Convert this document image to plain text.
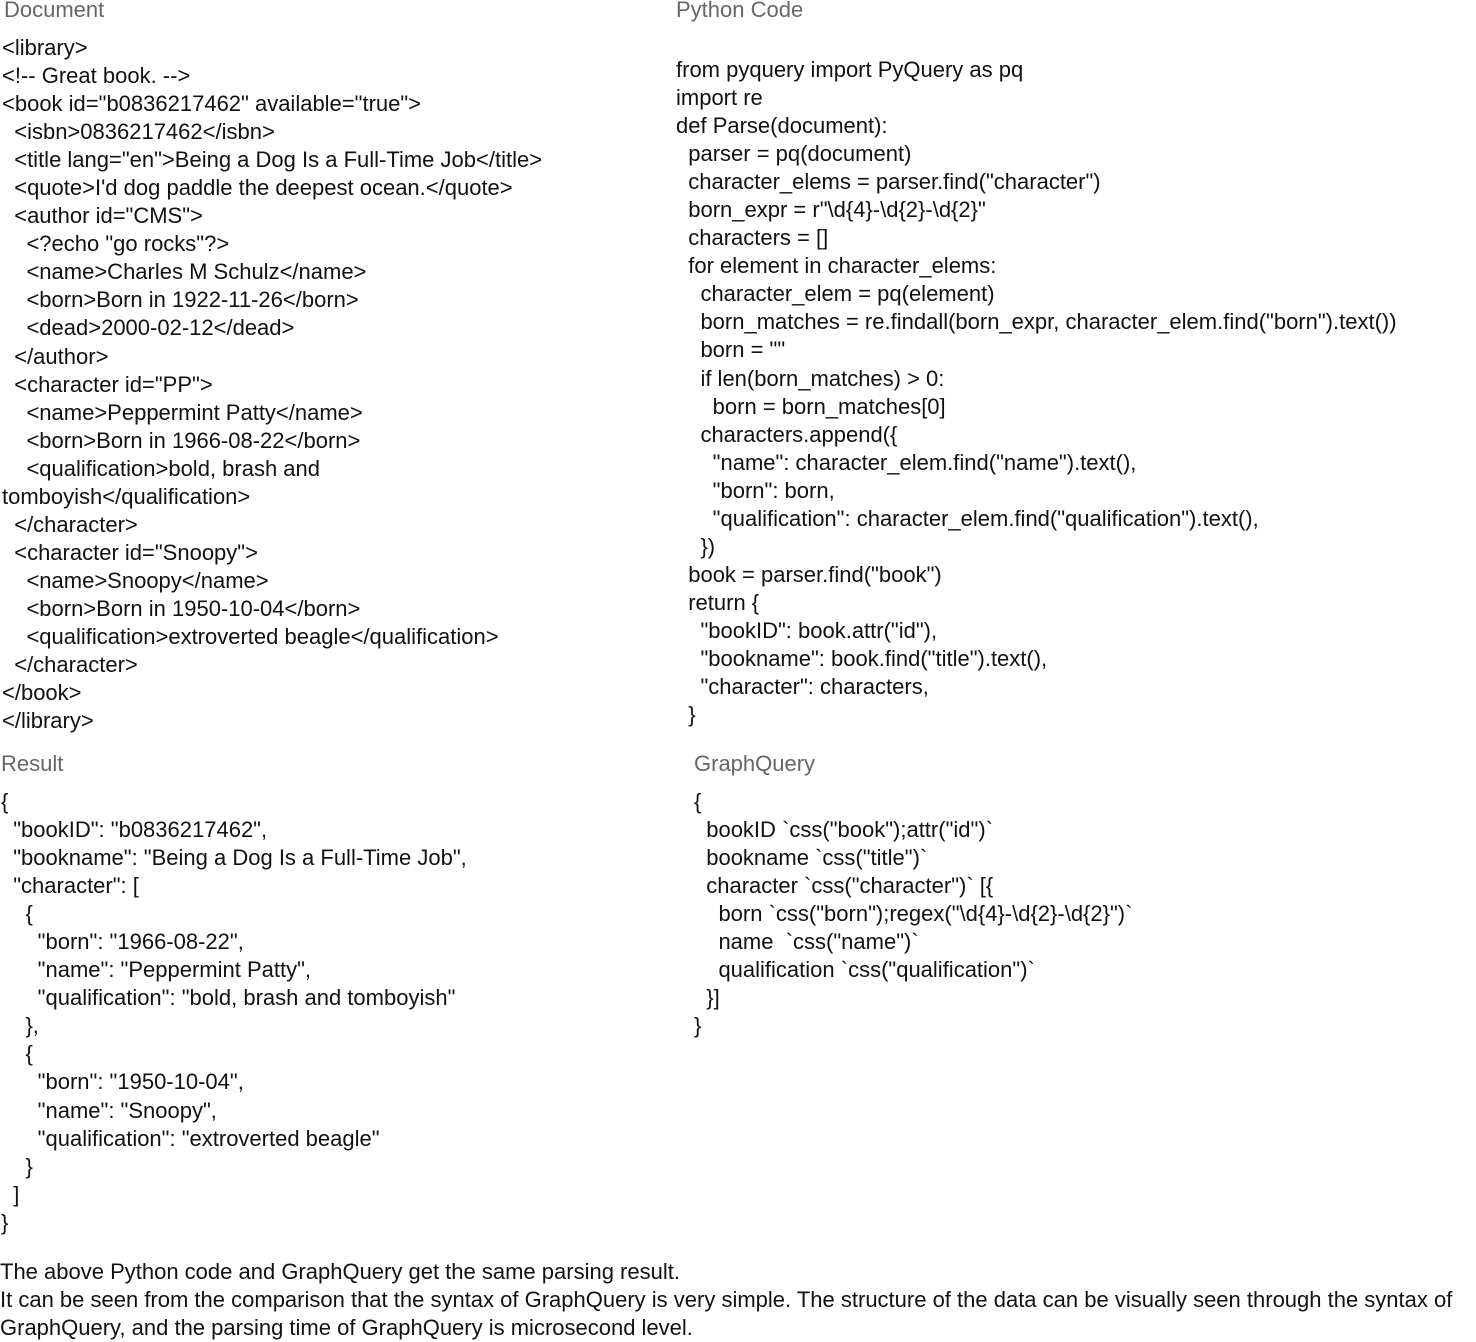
Document
<library>
<!-- Great book. -->
<book id="b0836217462" available="true">
<isbn>0836217462</isbn>
<title lang="en">Being a Dog Is a Full-Time Job</title>
<quote>I'd dog paddle the deepest ocean.</quote>
<author id="CMS">
<?echo "go rocks"?>
<name>Charles M Schulz</name>
<born>Born in 1922-11-26</born>
<dead>2000-02-12</dead>
</author>
<character id="PP">
<name>Peppermint Patty</name>
<born>Born in 1966-08-22</born>
<qualification>bold, brash and
tomboyish</qualification>
</character>
<character id="Snoopy">
<name>Snoopy</name>
<born>Born in 1950-10-04</born>
<qualification>extroverted beagle</qualification>
</character>
</book>
</library>
Python Code
from pyquery import PyQuery as pq
import re
def Parse(document):
parser = pq(document)
character_elems = parser.find("character")
born_expr = r"\d{4}-\d{2}-\d{2}"
characters = []
for element in character_elems:
character_elem = pq(element)
born_matches = re.findall(born_expr, character_elem.find("born").text())
born = ""
if len(born_matches) > 0:
born = born_matches[0]
characters.append({
"name": character_elem.find("name").text(),
"born": born,
"qualification": character_elem.find("qualification").text(),
})
book = parser.find("book")
return {
"bookID": book.attr("id"),
"bookname": book.find("title").text(),
"character": characters,
}
Result
{
"bookID": "b0836217462",
"bookname": "Being a Dog Is a Full-Time Job",
"character": [
{
"born": "1966-08-22",
"name": "Peppermint Patty",
"qualification": "bold, brash and tomboyish"
},
{
"born": "1950-10-04",
"name": "Snoopy",
"qualification": "extroverted beagle"
}
]
}
GraphQuery
{
bookID `css("book");attr("id")`
bookname `css("title")`
character `css("character")` [{
born `css("born");regex("\d{4}-\d{2}-\d{2}")`
name  `css("name")`
qualification `css("qualification")`
}]
}

The above Python code and GraphQuery get the same parsing result.

It can be seen from the comparison that the syntax of GraphQuery is very simple. The structure of the data can be visually seen through the syntax of GraphQuery, and the parsing time of GraphQuery is microsecond level.
